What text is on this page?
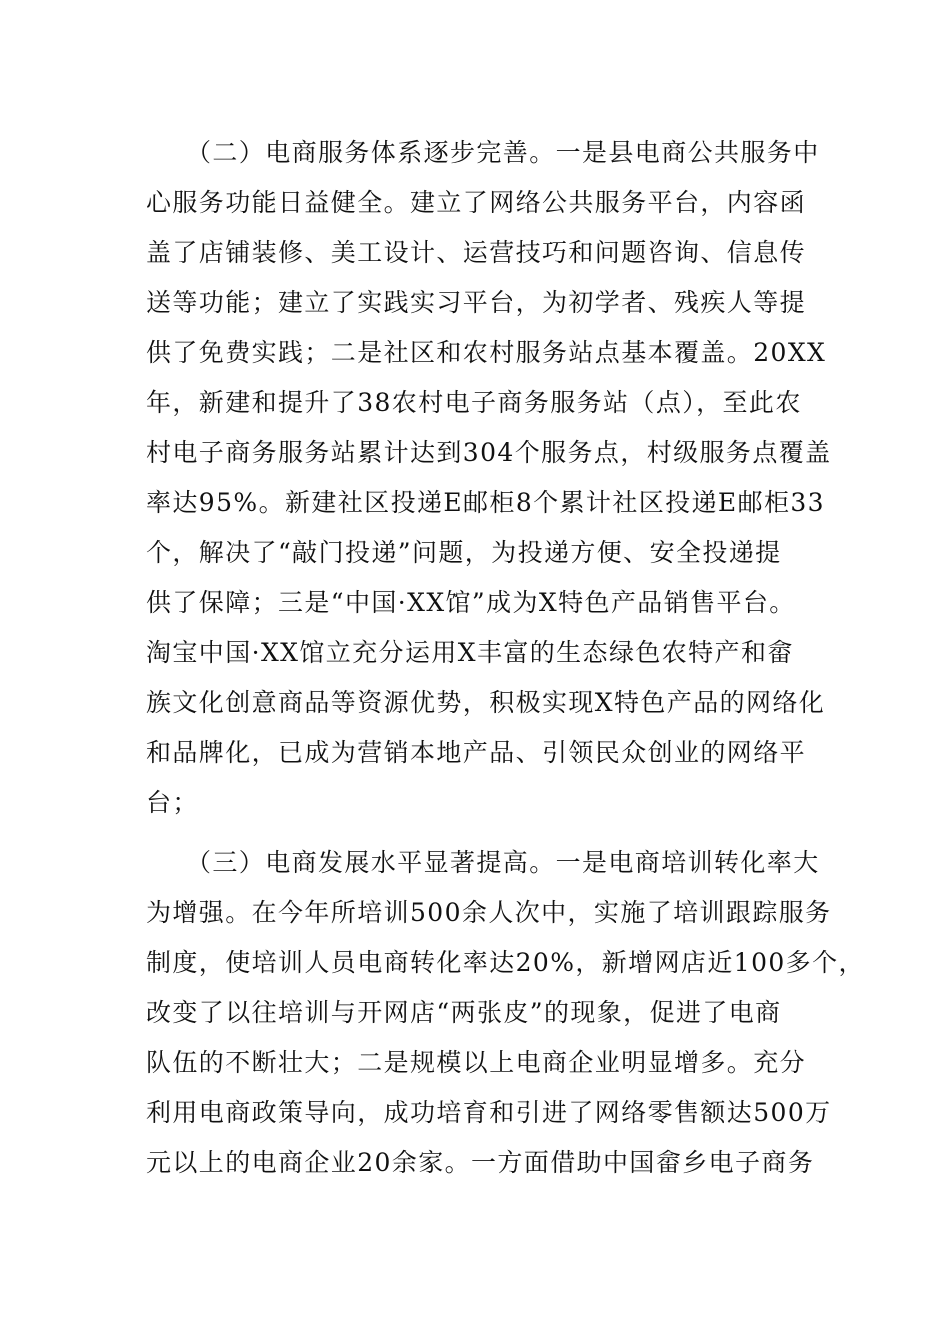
（二）电商服务体系逐步完善。一是县电商公共服务中
心服务功能日益健全。建立了网络公共服务平台，内容函
盖了店铺装修、美工设计、运营技巧和问题咨询、信息传
送等功能；建立了实践实习平台，为初学者、残疾人等提
供了免费实践；二是社区和农村服务站点基本覆盖。20XX
年，新建和提升了38农村电子商务服务站（点），至此农
村电子商务服务站累计达到304个服务点，村级服务点覆盖
率达95%。新建社区投递E邮柜8个累计社区投递E邮柜33
个，解决了“敲门投递”问题，为投递方便、安全投递提
供了保障；三是“中国·XX馆”成为X特色产品销售平台。
淘宝中国·XX馆立充分运用X丰富的生态绿色农特产和畲
族文化创意商品等资源优势，积极实现X特色产品的网络化
和品牌化，已成为营销本地产品、引领民众创业的网络平
台；
（三）电商发展水平显著提高。一是电商培训转化率大
为增强。在今年所培训500余人次中，实施了培训跟踪服务
制度，使培训人员电商转化率达20%，新增网店近100多个，
改变了以往培训与开网店“两张皮”的现象，促进了电商
队伍的不断壮大；二是规模以上电商企业明显增多。充分
利用电商政策导向，成功培育和引进了网络零售额达500万
元以上的电商企业20余家。一方面借助中国畲乡电子商务
